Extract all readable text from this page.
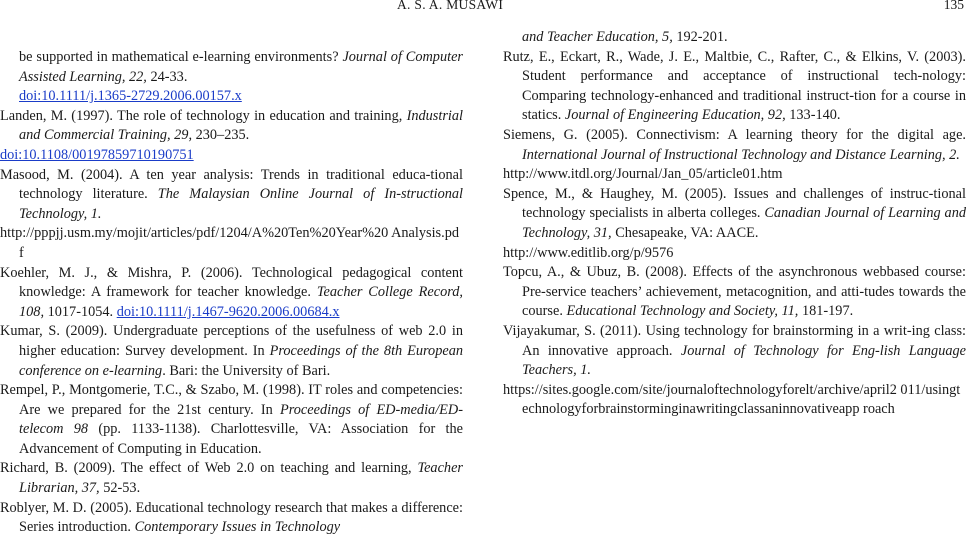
A. S. A. MUSAWI	135

be supported in mathematical e-learning environments? Journal of Computer Assisted Learning, 22, 24-33.
doi:10.1111/j.1365-2729.2006.00157.x

Landen, M. (1997). The role of technology in education and training, Industrial and Commercial Training, 29, 230–235.
doi:10.1108/00197859710190751

Masood, M. (2004). A ten year analysis: Trends in traditional educa-tional technology literature. The Malaysian Online Journal of In-structional Technology, 1.
http://pppjj.usm.my/mojit/articles/pdf/1204/A%20Ten%20Year%20 Analysis.pdf

Koehler, M. J., & Mishra, P. (2006). Technological pedagogical content knowledge: A framework for teacher knowledge. Teacher College Record, 108, 1017-1054. doi:10.1111/j.1467-9620.2006.00684.x

Kumar, S. (2009). Undergraduate perceptions of the usefulness of web 2.0 in higher education: Survey development. In Proceedings of the 8th European conference on e-learning. Bari: the University of Bari.

Rempel, P., Montgomerie, T.C., & Szabo, M. (1998). IT roles and competencies: Are we prepared for the 21st century. In Proceedings of ED-media/ED-telecom 98 (pp. 1133-1138). Charlottesville, VA: Association for the Advancement of Computing in Education.

Richard, B. (2009). The effect of Web 2.0 on teaching and learning, Teacher Librarian, 37, 52-53.

Roblyer, M. D. (2005). Educational technology research that makes a difference: Series introduction. Contemporary Issues in Technology

and Teacher Education, 5, 192-201.

Rutz, E., Eckart, R., Wade, J. E., Maltbie, C., Rafter, C., & Elkins, V. (2003). Student performance and acceptance of instructional tech-nology: Comparing technology-enhanced and traditional instruct-tion for a course in statics. Journal of Engineering Education, 92, 133-140.

Siemens, G. (2005). Connectivism: A learning theory for the digital age. International Journal of Instructional Technology and Distance Learning, 2.
http://www.itdl.org/Journal/Jan_05/article01.htm

Spence, M., & Haughey, M. (2005). Issues and challenges of instruc-tional technology specialists in alberta colleges. Canadian Journal of Learning and Technology, 31, Chesapeake, VA: AACE.
http://www.editlib.org/p/9576

Topcu, A., & Ubuz, B. (2008). Effects of the asynchronous webbased course: Pre-service teachers’ achievement, metacognition, and atti-tudes towards the course. Educational Technology and Society, 11, 181-197.

Vijayakumar, S. (2011). Using technology for brainstorming in a writ-ing class: An innovative approach. Journal of Technology for Eng-lish Language Teachers, 1.
https://sites.google.com/site/journaloftechnologyforelt/archive/april2 011/usingtechnologyforbrainstorminginawritingclassaninnovativeapp roach
